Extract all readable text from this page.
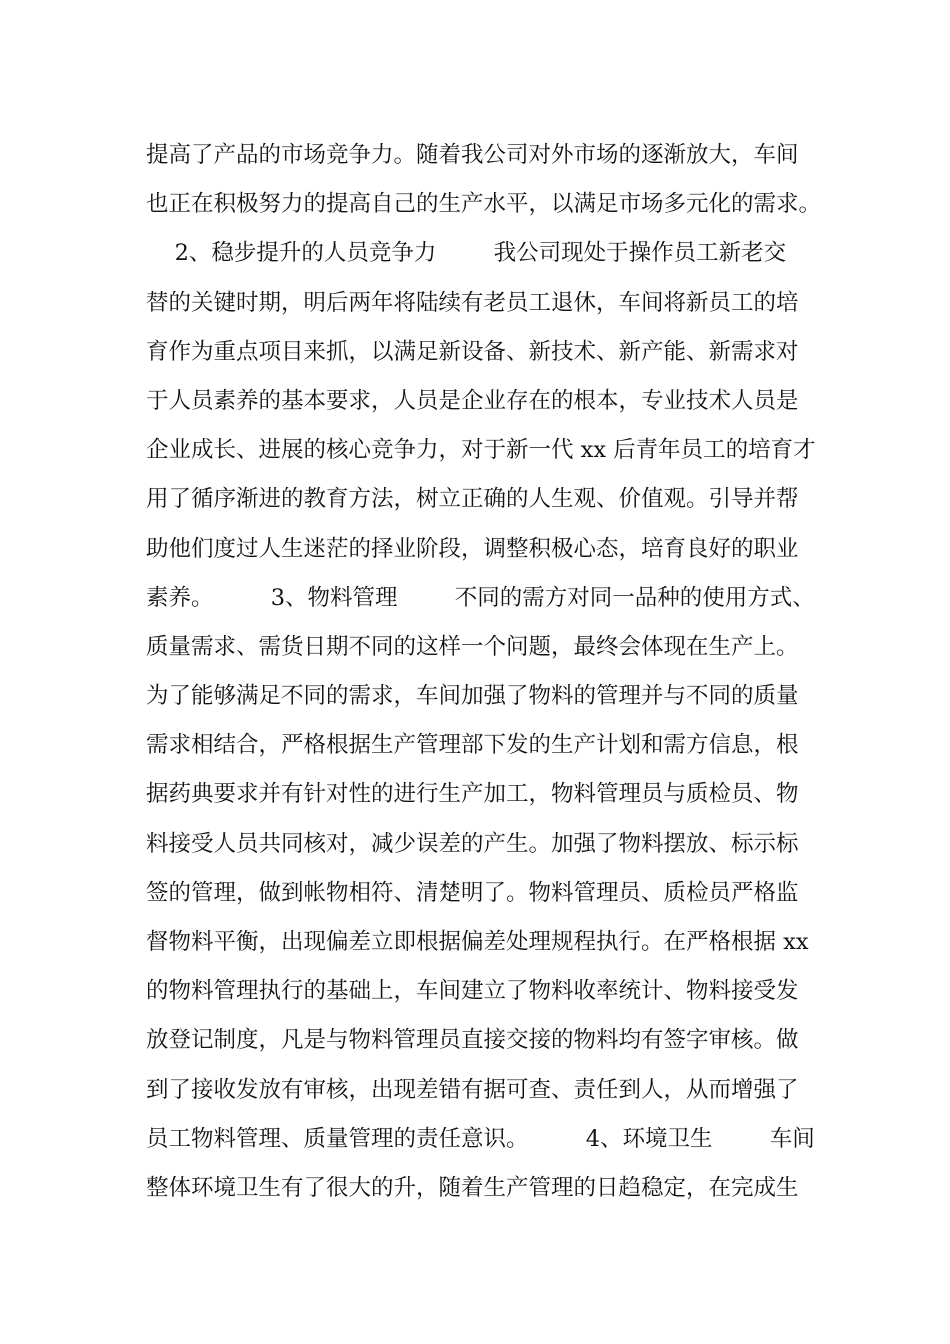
提高了产品的市场竞争力。随着我公司对外市场的逐渐放大，车间
也正在积极努力的提高自己的生产水平，以满足市场多元化的需求。
2、稳步提升的人员竞争力        我公司现处于操作员工新老交
替的关键时期，明后两年将陆续有老员工退休，车间将新员工的培
育作为重点项目来抓，以满足新设备、新技术、新产能、新需求对
于人员素养的基本要求，人员是企业存在的根本，专业技术人员是
企业成长、进展的核心竞争力，对于新一代 xx 后青年员工的培育才
用了循序渐进的教育方法，树立正确的人生观、价值观。引导并帮
助他们度过人生迷茫的择业阶段，调整积极心态，培育良好的职业
素养。        3、物料管理        不同的需方对同一品种的使用方式、
质量需求、需货日期不同的这样一个问题，最终会体现在生产上。
为了能够满足不同的需求，车间加强了物料的管理并与不同的质量
需求相结合，严格根据生产管理部下发的生产计划和需方信息，根
据药典要求并有针对性的进行生产加工，物料管理员与质检员、物
料接受人员共同核对，减少误差的产生。加强了物料摆放、标示标
签的管理，做到帐物相符、清楚明了。物料管理员、质检员严格监
督物料平衡，出现偏差立即根据偏差处理规程执行。在严格根据 xx
的物料管理执行的基础上，车间建立了物料收率统计、物料接受发
放登记制度，凡是与物料管理员直接交接的物料均有签字审核。做
到了接收发放有审核，出现差错有据可查、责任到人，从而增强了
员工物料管理、质量管理的责任意识。        4、环境卫生        车间
整体环境卫生有了很大的升，随着生产管理的日趋稳定，在完成生
